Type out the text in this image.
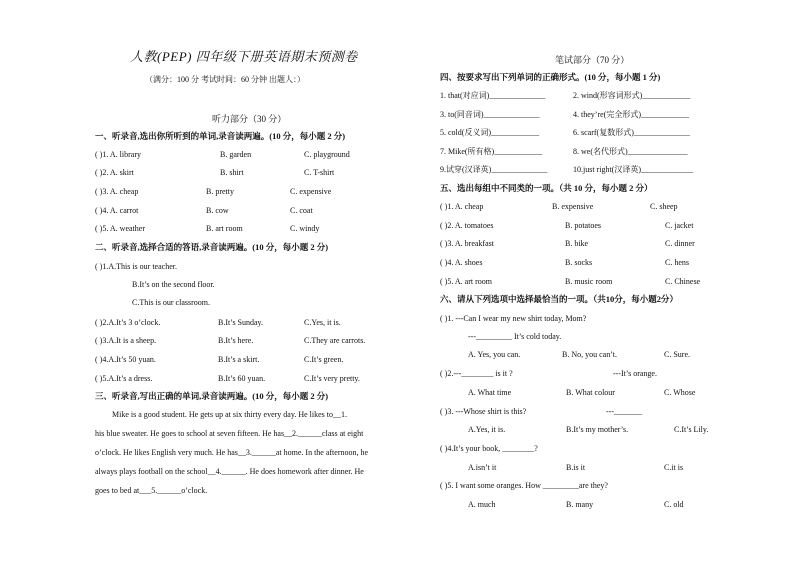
人教(PEP) 四年级下册英语期末预测卷
（满分：100 分 考试时间：60 分钟 出题人：）
听力部分（30 分）
一、听录音,选出你所听到的单词,录音读两遍。(10 分，每小题 2 分)
( )1. A. library	B. garden	C. playground
( )2. A. skirt	B. shirt	C. T-shirt
( )3. A. cheap	B. pretty	C. expensive
( )4. A. carrot	B. cow	C. coat
( )5. A. weather	B. art room	C. windy
二、听录音,选择合适的答语,录音读两遍。(10 分，每小题 2 分)
( )1.A.This is our teacher.
B.It’s on the second floor.
C.This is our classroom.
( )2.A.It’s 3 o’clock.	B.It’s Sunday.	C.Yes, it is.
( )3.A.It is a sheep.	B.It’s here.	C.They are carrots.
( )4.A.It’s 50 yuan.	B.It’s a skirt.	C.It’s green.
( )5.A.It’s a dress.	B.It’s 60 yuan.	C.It’s very pretty.
三、听录音,写出正确的单词,录音读两遍。(10 分，每小题 2 分)
Mike is a good student. He gets up at six thirty every day. He likes to__1.
his blue sweater. He goes to school at seven fifteen. He has__2.______class at eight
o’clock. He likes English very much. He has__3.______at home. In the afternoon, he
always plays football on the school__4.______. He does homework after dinner. He
goes to bed at___5.______o’clock.
笔试部分（70 分）
四、按要求写出下列单词的正确形式。(10 分，每小题 1 分)
1. that(对应词)______________	2. wind(形容词形式)____________
3. to(同音词)______________	4. they’re(完全形式)____________
5. cold(反义词)____________	6. scarf(复数形式)______________
7. Mike(所有格)____________	8. we(名代形式)_______________
9.试穿(汉译英)______________	10.just right(汉译英)_____________
五、选出每组中不同类的一项。（共 10 分，每小题 2 分）
( )1. A. cheap	B. expensive	C. sheep
( )2. A. tomatoes	B. potatoes	C. jacket
( )3. A. breakfast	B. bike	C. dinner
( )4. A. shoes	B. socks	C. hens
( )5. A. art room	B. music room	C. Chinese
六、请从下列选项中选择最恰当的一项。（共10分，每小题2分）
( )1. ---Can I wear my new shirt today, Mom?
---_________ It’s cold today.
A. Yes, you can.	B. No, you can’t.	C. Sure.
( )2.---________ is it ?	---It’s orange.
A. What time	B. What colour	C. Whose
( )3. ---Whose shirt is this?	---_______
A.Yes, it is.	B.It’s my mother’s.	C.It’s Lily.
( )4.It’s your book, ________?
A.isn’t it	B.is it	C.it is
( )5. I want some oranges. How _________are they?
A. much	B. many	C. old
